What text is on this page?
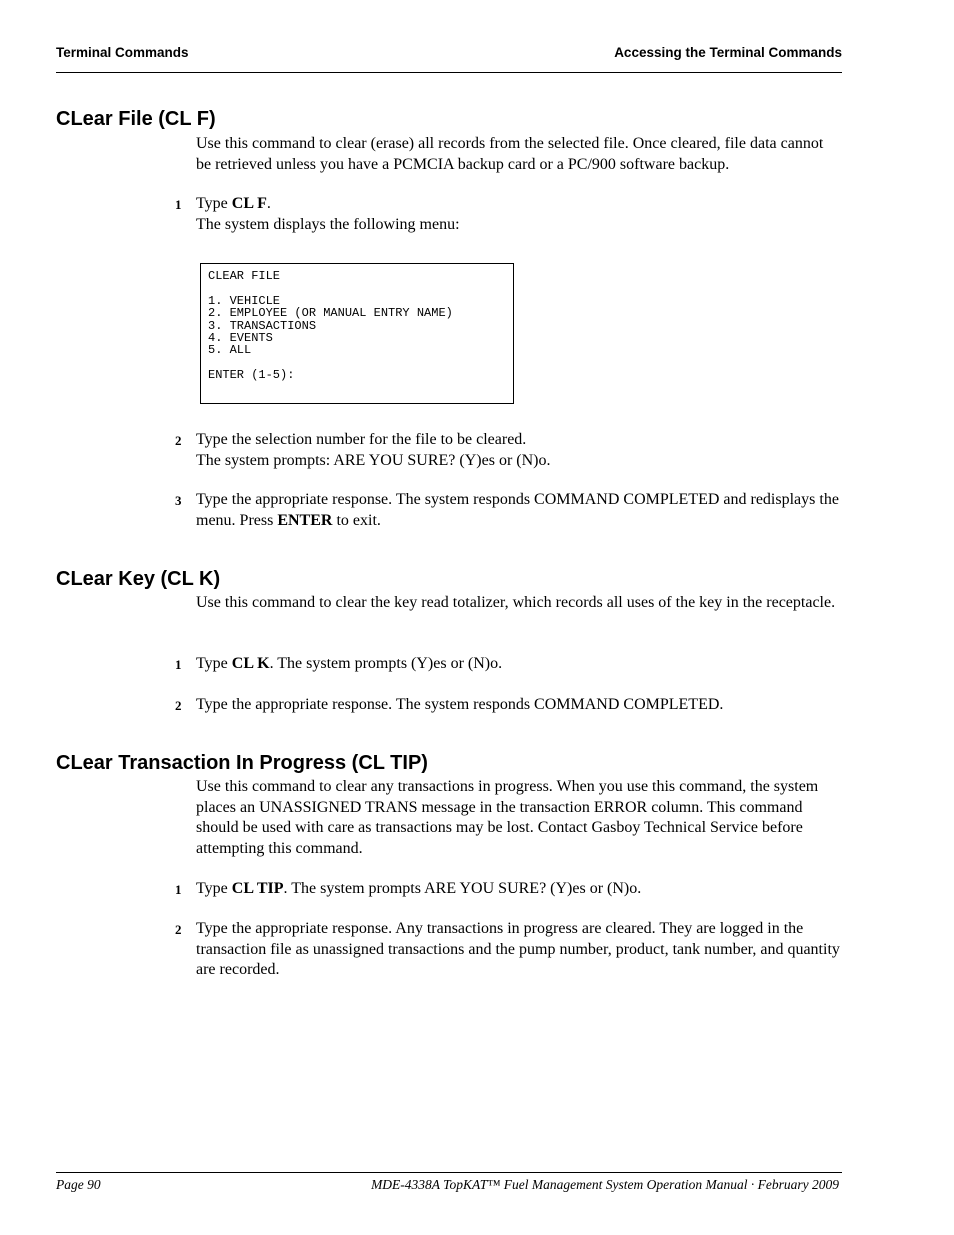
Terminal Commands	Accessing the Terminal Commands
CLear File (CL F)

Use this command to clear (erase) all records from the selected file. Once cleared, file data cannot be retrieved unless you have a PCMCIA backup card or a PC/900 software backup.

1 Type CL F.
The system displays the following menu:
CLEAR FILE

1. VEHICLE
2. EMPLOYEE (OR MANUAL ENTRY NAME)
3. TRANSACTIONS
4. EVENTS
5. ALL

ENTER (1-5):
2 Type the selection number for the file to be cleared.
The system prompts: ARE YOU SURE? (Y)es or (N)o.
3 Type the appropriate response. The system responds COMMAND COMPLETED and redisplays the menu. Press ENTER to exit.
CLear Key (CL K)

Use this command to clear the key read totalizer, which records all uses of the key in the receptacle.

1 Type CL K. The system prompts (Y)es or (N)o.
2 Type the appropriate response. The system responds COMMAND COMPLETED.
CLear Transaction In Progress (CL TIP)

Use this command to clear any transactions in progress. When you use this command, the system places an UNASSIGNED TRANS message in the transaction ERROR column. This command should be used with care as transactions may be lost. Contact Gasboy Technical Service before attempting this command.

1 Type CL TIP. The system prompts ARE YOU SURE? (Y)es or (N)o.
2 Type the appropriate response. Any transactions in progress are cleared. They are logged in the transaction file as unassigned transactions and the pump number, product, tank number, and quantity are recorded.
Page 90	MDE-4338A TopKAT™ Fuel Management System Operation Manual · February 2009
